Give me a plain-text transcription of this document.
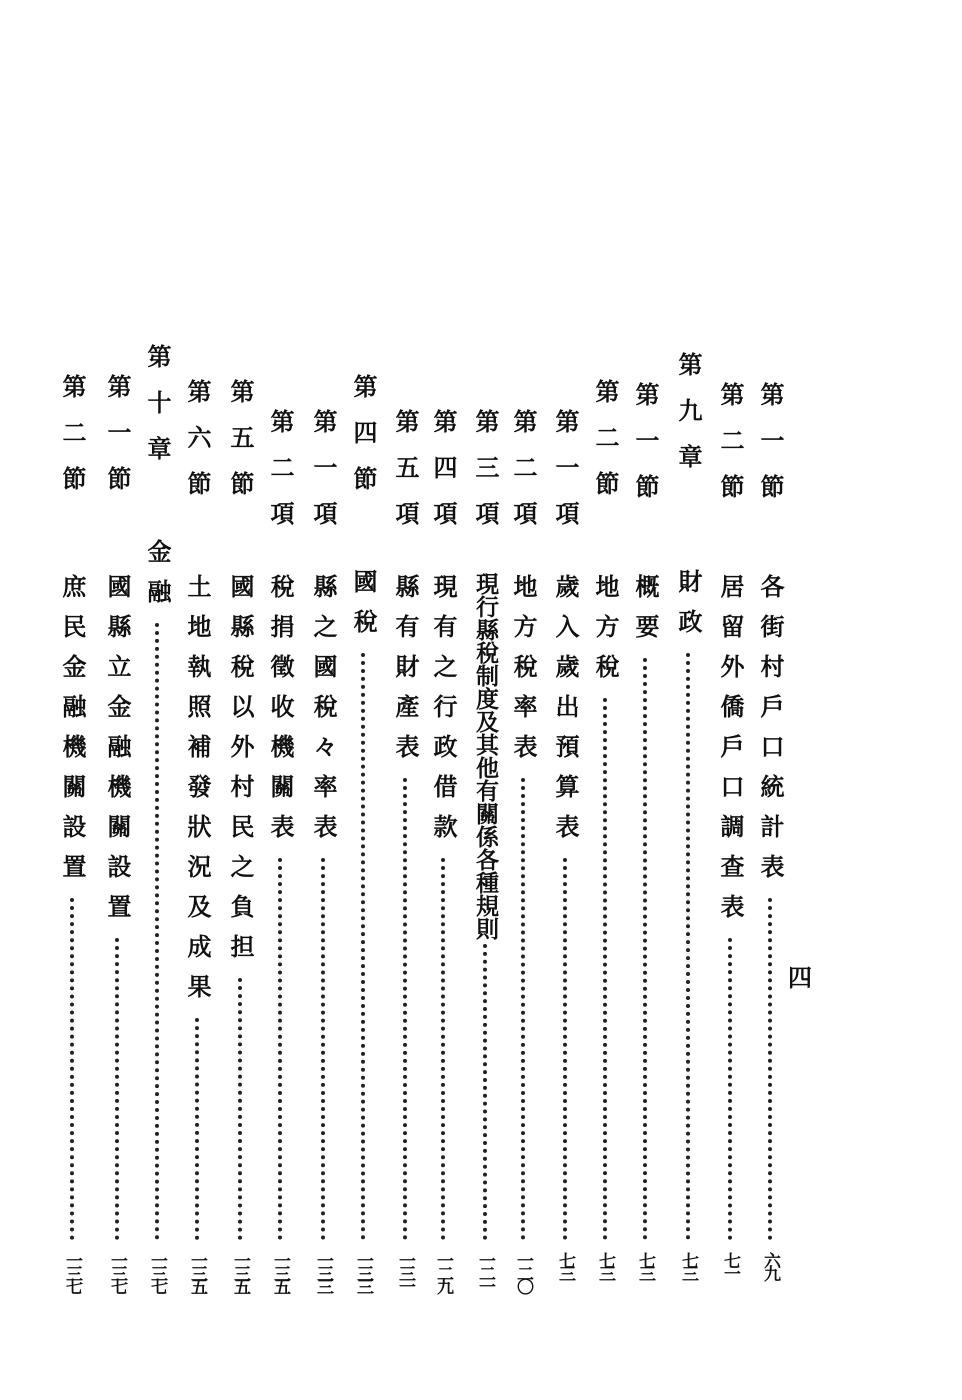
四
第一節
各街村戶口統計表
六九
第二節
居留外僑戶口調查表
七一
第九章
財政
七三
第一節
概要
七三
第二節
地方稅
七三
第一項
歲入歲出預算表
七三
第二項
地方稅率表
一二〇
第三項
現行縣稅制度及其他有關係各種規則
一二一
第四項
現有之行政借款
一二九
第五項
縣有財產表
一三一
第四節
國稅
一三三
第一項
縣之國稅々率表
一三三
第二項
稅捐徵收機關表
一三五
第五節
國縣稅以外村民之負担
一三五
第六節
土地執照補發狀況及成果
一三五
第十章
金融
一三七
第一節
國縣立金融機關設置
一三七
第二節
庶民金融機關設置
一三七
